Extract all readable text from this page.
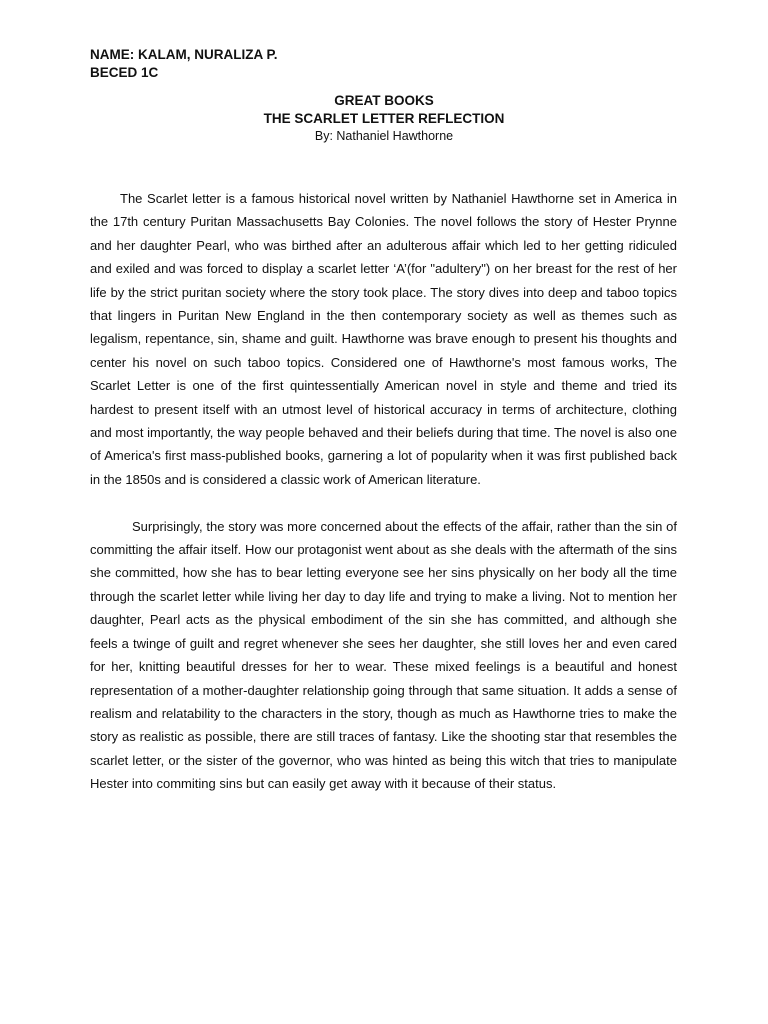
NAME: KALAM, NURALIZA P.
BECED 1C
GREAT BOOKS
THE SCARLET LETTER REFLECTION
By: Nathaniel Hawthorne

The Scarlet letter is a famous historical novel written by Nathaniel Hawthorne set in America in the 17th century Puritan Massachusetts Bay Colonies. The novel follows the story of Hester Prynne and her daughter Pearl, who was birthed after an adulterous affair which led to her getting ridiculed and exiled and was forced to display a scarlet letter ‘A’(for "adultery") on her breast for the rest of her life by the strict puritan society where the story took place. The story dives into deep and taboo topics that lingers in Puritan New England in the then contemporary society as well as themes such as legalism, repentance, sin, shame and guilt. Hawthorne was brave enough to present his thoughts and center his novel on such taboo topics. Considered one of Hawthorne's most famous works, The Scarlet Letter is one of the first quintessentially American novel in style and theme and tried its hardest to present itself with an utmost level of historical accuracy in terms of architecture, clothing and most importantly, the way people behaved and their beliefs during that time. The novel is also one of America's first mass-published books, garnering a lot of popularity when it was first published back in the 1850s and is considered a classic work of American literature.

Surprisingly, the story was more concerned about the effects of the affair, rather than the sin of committing the affair itself. How our protagonist went about as she deals with the aftermath of the sins she committed, how she has to bear letting everyone see her sins physically on her body all the time through the scarlet letter while living her day to day life and trying to make a living. Not to mention her daughter, Pearl acts as the physical embodiment of the sin she has committed, and although she feels a twinge of guilt and regret whenever she sees her daughter, she still loves her and even cared for her, knitting beautiful dresses for her to wear. These mixed feelings is a beautiful and honest representation of a mother-daughter relationship going through that same situation. It adds a sense of realism and relatability to the characters in the story, though as much as Hawthorne tries to make the story as realistic as possible, there are still traces of fantasy. Like the shooting star that resembles the scarlet letter, or the sister of the governor, who was hinted as being this witch that tries to manipulate Hester into commiting sins but can easily get away with it because of their status.
